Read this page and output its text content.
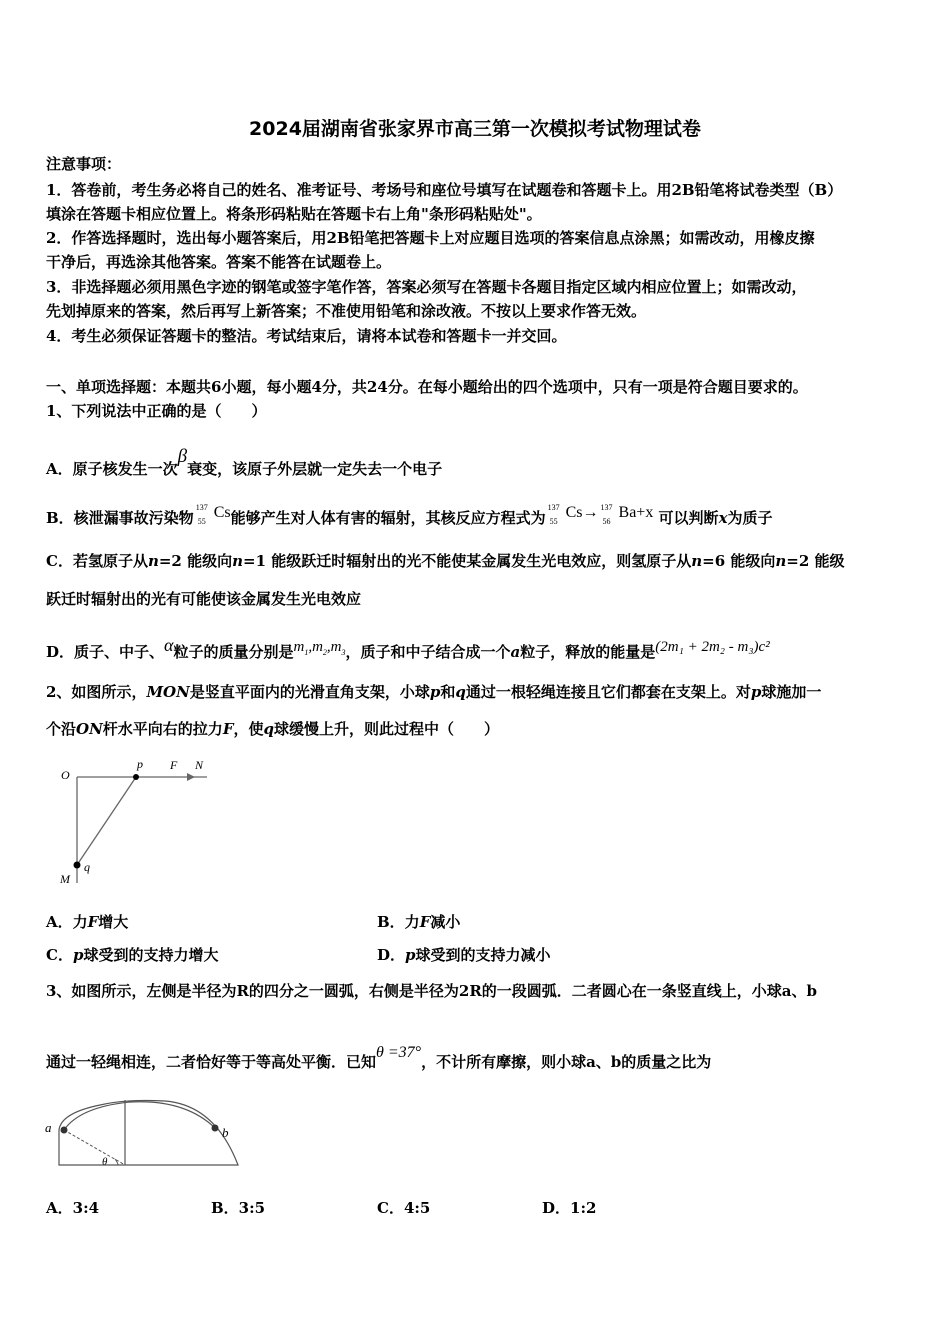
2024届湖南省张家界市高三第一次模拟考试物理试卷
注意事项：
1．答卷前，考生务必将自己的姓名、准考证号、考场号和座位号填写在试题卷和答题卡上。用2B铅笔将试卷类型（B）
填涂在答题卡相应位置上。将条形码粘贴在答题卡右上角"条形码粘贴处"。
2．作答选择题时，选出每小题答案后，用2B铅笔把答题卡上对应题目选项的答案信息点涂黑；如需改动，用橡皮擦
干净后，再选涂其他答案。答案不能答在试题卷上。
3．非选择题必须用黑色字迹的钢笔或签字笔作答，答案必须写在答题卡各题目指定区域内相应位置上；如需改动，
先划掉原来的答案，然后再写上新答案；不准使用铅笔和涂改液。不按以上要求作答无效。
4．考生必须保证答题卡的整洁。考试结束后，请将本试卷和答题卡一并交回。
一、单项选择题：本题共6小题，每小题4分，共24分。在每小题给出的四个选项中，只有一项是符合题目要求的。
1、下列说法中正确的是（　　）
A．原子核发生一次β衰变，该原子外层就一定失去一个电子
B．核泄漏事故污染物
137
55
Cs能够产生对人体有害的辐射，其核反应方程式为
137
55
Cs→ 137
56
Ba+x 可以判断x为质子
C．若氢原子从n=2 能级向n=1 能级跃迁时辐射出的光不能使某金属发生光电效应，则氢原子从n=6 能级向n=2 能级
跃迁时辐射出的光有可能使该金属发生光电效应
D．质子、中子、α粒子的质量分别是$m_1,m_2,m_3$，质子和中子结合成一个a粒子，释放的能量是(2m₁ + 2m₂ - m₃)c²
2、如图所示，MON是竖直平面内的光滑直角支架，小球p和q通过一根轻绳连接且它们都套在支架上。对p球施加一
个沿ON杆水平向右的拉力F，使q球缓慢上升，则此过程中（　　）
O
p F N
M
q
A．力F增大	B．力F减小
C．p球受到的支持力增大	D．p球受到的支持力减小
3、如图所示，左侧是半径为R的四分之一圆弧，右侧是半径为2R的一段圆弧．二者圆心在一条竖直线上，小球a、b
通过一轻绳相连，二者恰好等于等高处平衡．已知θ =37°，不计所有摩擦，则小球a、b的质量之比为
a	b
θ
A．3:4	B．3:5	C．4:5	D．1:2
